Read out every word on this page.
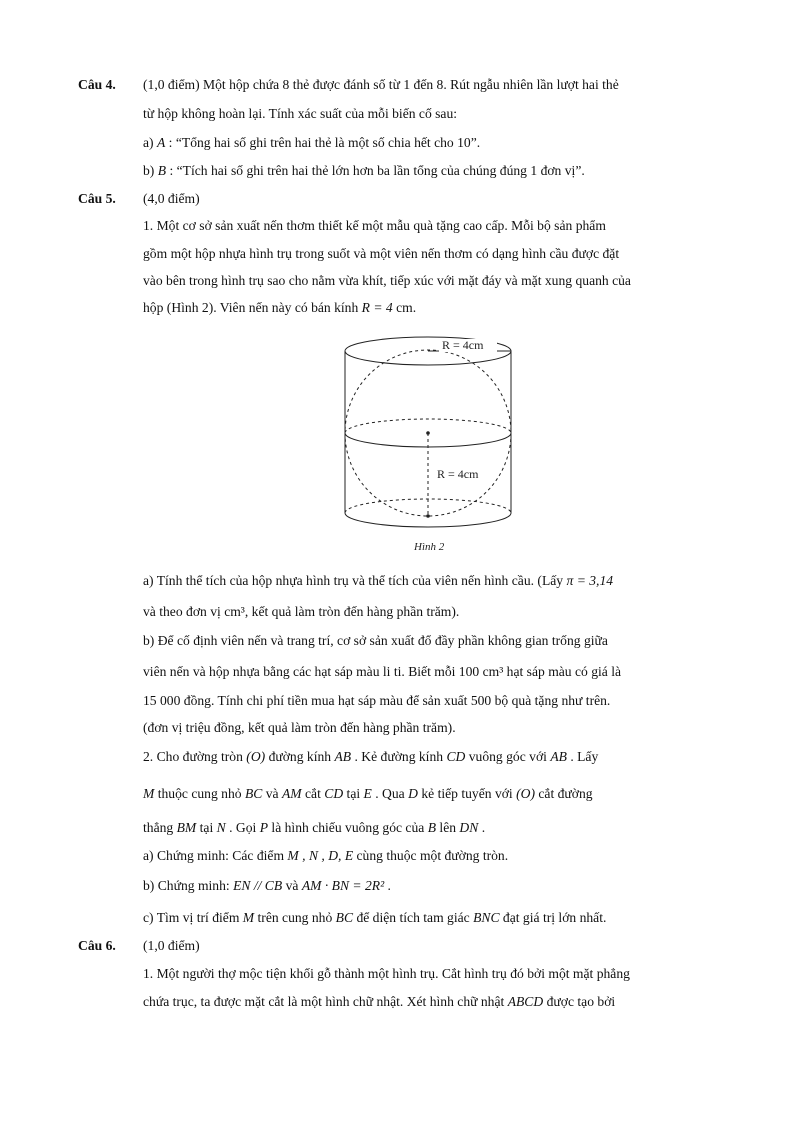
Câu 4. (1,0 điểm) Một hộp chứa 8 thẻ được đánh số từ 1 đến 8. Rút ngẫu nhiên lần lượt hai thẻ
từ hộp không hoàn lại. Tính xác suất của mỗi biến cố sau:
a) A : “Tổng hai số ghi trên hai thẻ là một số chia hết cho 10”.
b) B : “Tích hai số ghi trên hai thẻ lớn hơn ba lần tổng của chúng đúng 1 đơn vị”.
Câu 5. (4,0 điểm)
1. Một cơ sở sản xuất nến thơm thiết kế một mẫu quà tặng cao cấp. Mỗi bộ sản phẩm
gồm một hộp nhựa hình trụ trong suốt và một viên nến thơm có dạng hình cầu được đặt
vào bên trong hình trụ sao cho nằm vừa khít, tiếp xúc với mặt đáy và mặt xung quanh của
hộp (Hình 2). Viên nến này có bán kính R = 4 cm.
R = 4cm
R = 4cm
Hình 2
a) Tính thể tích của hộp nhựa hình trụ và thể tích của viên nến hình cầu. (Lấy π = 3,14
và theo đơn vị cm³, kết quả làm tròn đến hàng phần trăm).
b) Để cố định viên nến và trang trí, cơ sở sản xuất đổ đầy phần không gian trống giữa
viên nến và hộp nhựa bằng các hạt sáp màu li ti. Biết mỗi 100 cm³ hạt sáp màu có giá là
15 000 đồng. Tính chi phí tiền mua hạt sáp màu để sản xuất 500 bộ quà tặng như trên.
(đơn vị triệu đồng, kết quả làm tròn đến hàng phần trăm).
2. Cho đường tròn (O) đường kính AB . Kẻ đường kính CD vuông góc với AB . Lấy
M thuộc cung nhỏ BC và AM cắt CD tại E . Qua D kẻ tiếp tuyến với (O) cắt đường
thẳng BM tại N . Gọi P là hình chiếu vuông góc của B lên DN .
a) Chứng minh: Các điểm M , N , D, E cùng thuộc một đường tròn.
b) Chứng minh: EN // CB và AM · BN = 2R² .
c) Tìm vị trí điểm M trên cung nhỏ BC để diện tích tam giác BNC đạt giá trị lớn nhất.
Câu 6. (1,0 điểm)
1. Một người thợ mộc tiện khối gỗ thành một hình trụ. Cắt hình trụ đó bởi một mặt phẳng
chứa trục, ta được mặt cắt là một hình chữ nhật. Xét hình chữ nhật ABCD được tạo bởi
